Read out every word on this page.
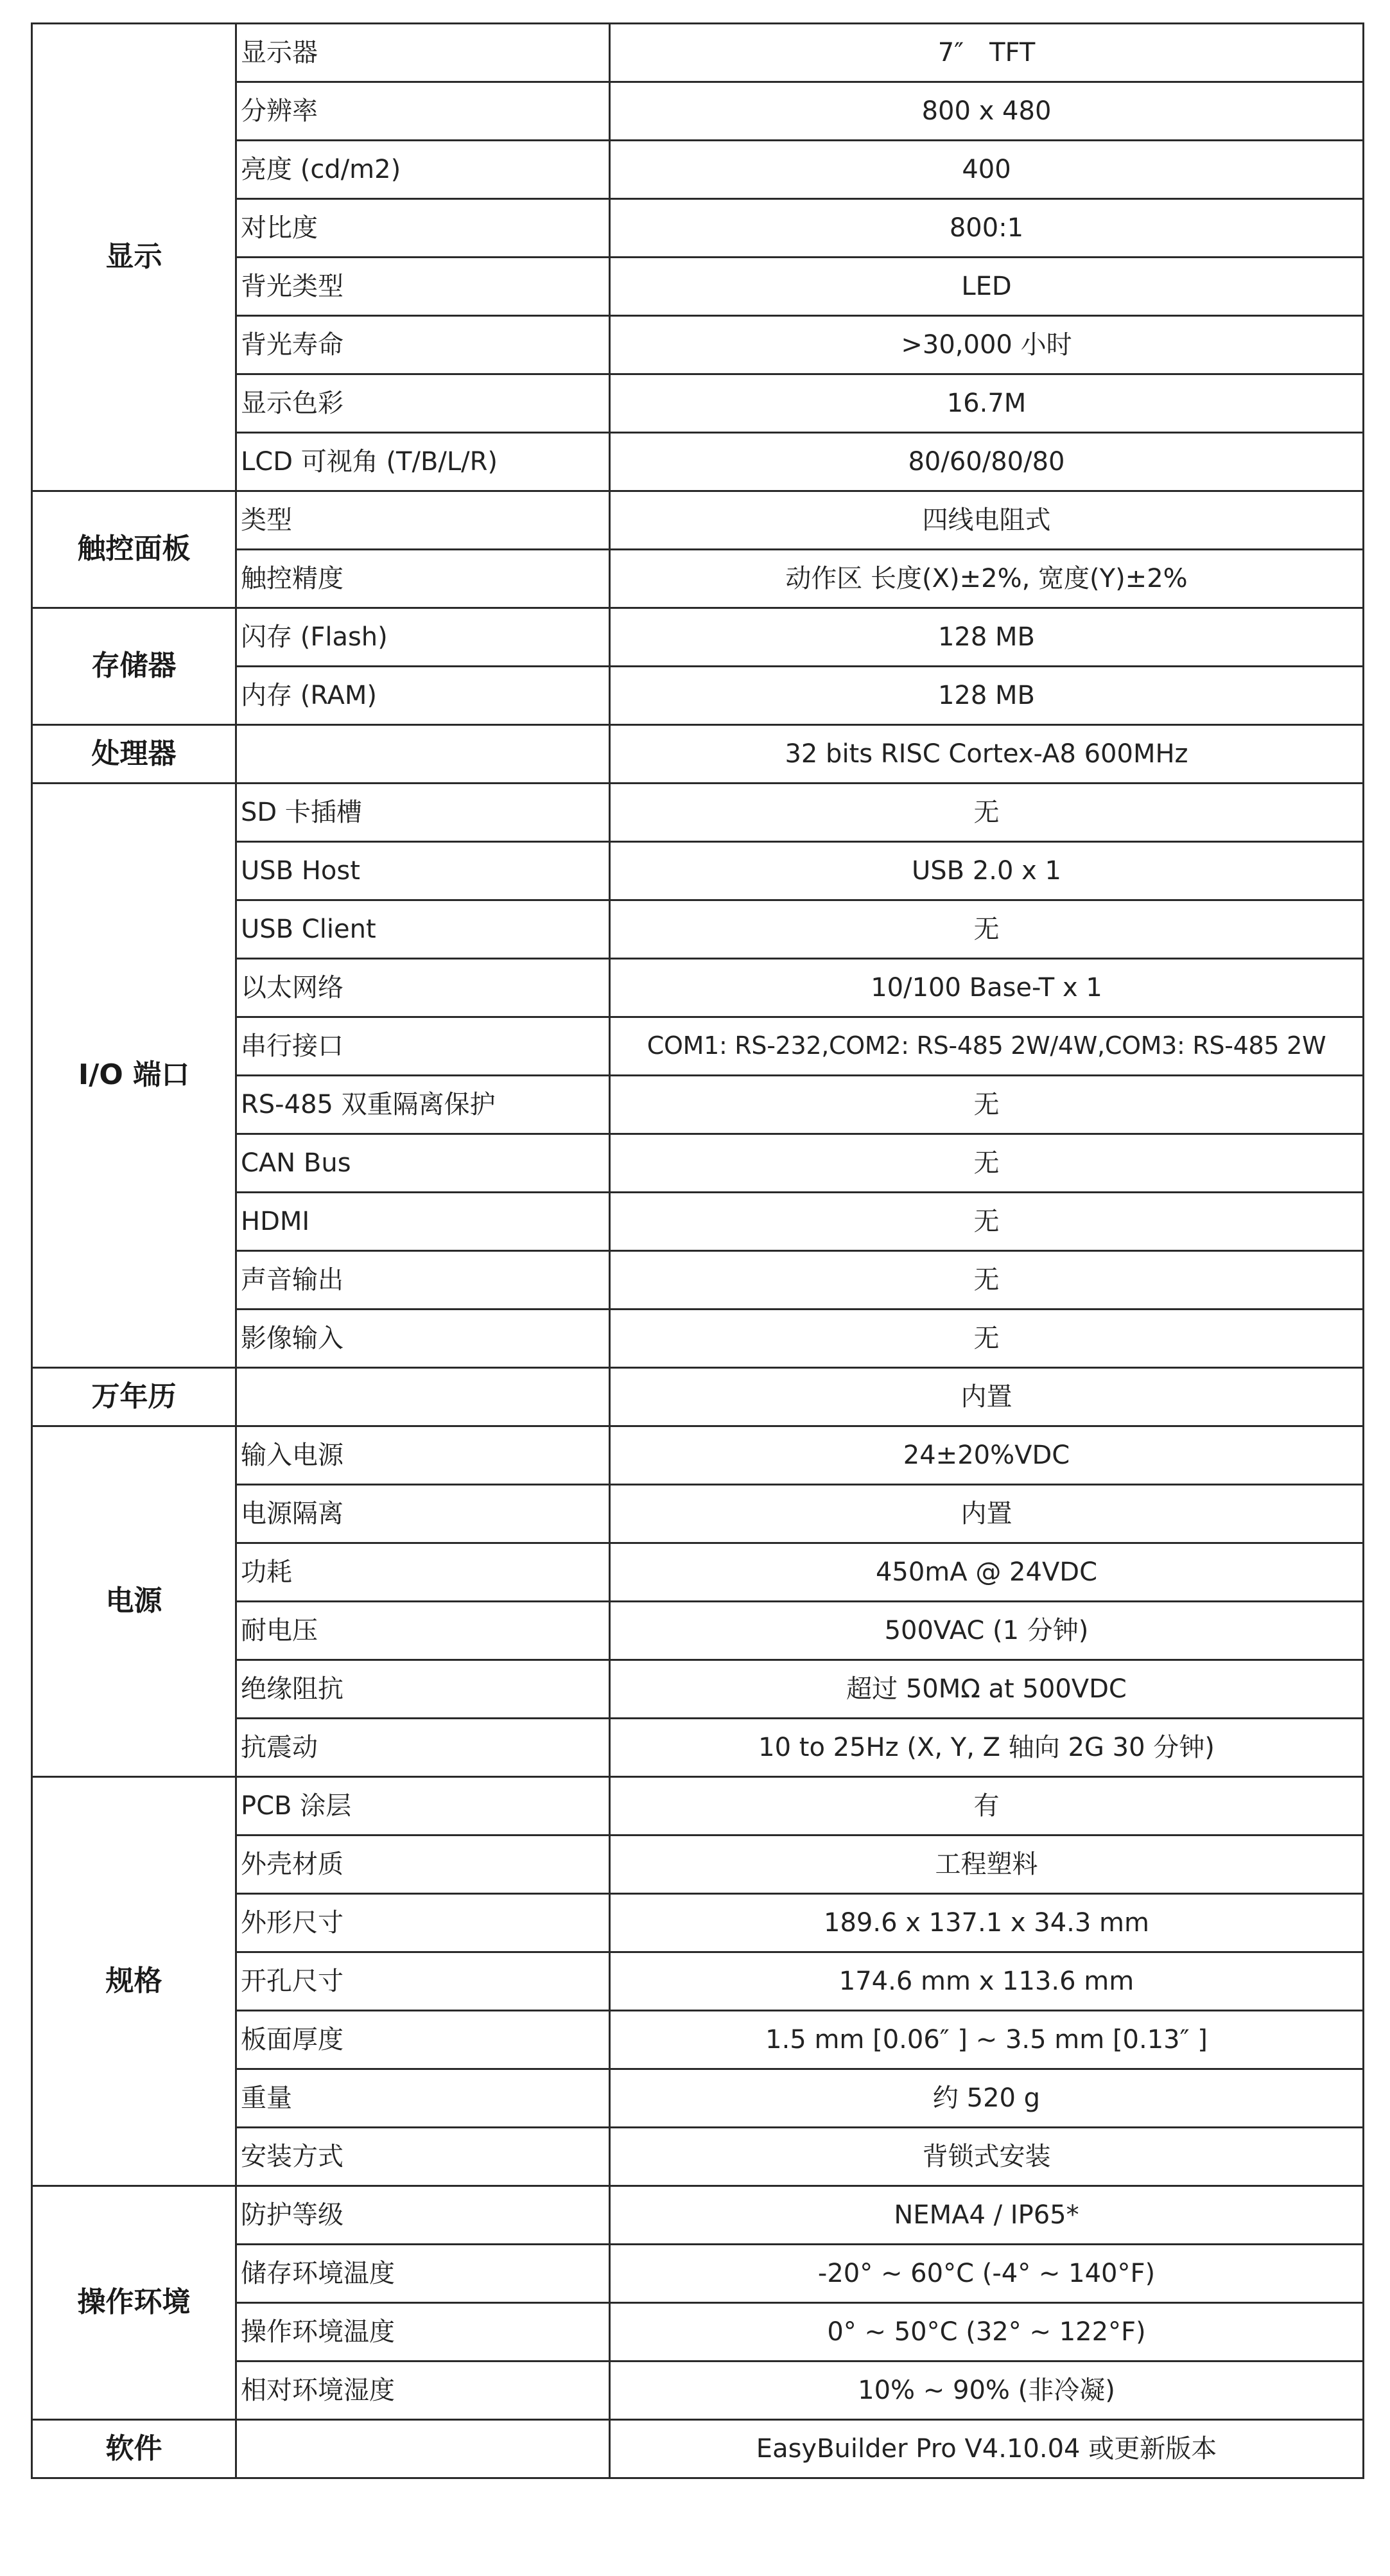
显示	显示器	7″　TFT
	分辨率	800 x 480
	亮度 (cd/m2)	400
	对比度	800:1
	背光类型	LED
	背光寿命	>30,000 小时
	显示色彩	16.7M
	LCD 可视角 (T/B/L/R)	80/60/80/80
触控面板	类型	四线电阻式
	触控精度	动作区 长度(X)±2%, 宽度(Y)±2%
存储器	闪存 (Flash)	128 MB
	内存 (RAM)	128 MB
处理器		32 bits RISC Cortex-A8 600MHz
I/O 端口	SD 卡插槽	无
	USB Host	USB 2.0 x 1
	USB Client	无
	以太网络	10/100 Base-T x 1
	串行接口	COM1: RS-232,COM2: RS-485 2W/4W,COM3: RS-485 2W
	RS-485 双重隔离保护	无
	CAN Bus	无
	HDMI	无
	声音输出	无
	影像输入	无
万年历		内置
电源	输入电源	24±20%VDC
	电源隔离	内置
	功耗	450mA @ 24VDC
	耐电压	500VAC (1 分钟)
	绝缘阻抗	超过 50MΩ at 500VDC
	抗震动	10 to 25Hz (X, Y, Z 轴向 2G 30 分钟)
规格	PCB 涂层	有
	外壳材质	工程塑料
	外形尺寸	189.6 x 137.1 x 34.3 mm
	开孔尺寸	174.6 mm x 113.6 mm
	板面厚度	1.5 mm [0.06″ ] ~ 3.5 mm [0.13″ ]
	重量	约 520 g
	安装方式	背锁式安装
操作环境	防护等级	NEMA4 / IP65*
	储存环境温度	-20° ~ 60°C (-4° ~ 140°F)
	操作环境温度	0° ~ 50°C (32° ~ 122°F)
	相对环境湿度	10% ~ 90% (非冷凝)
软件		EasyBuilder Pro V4.10.04 或更新版本
